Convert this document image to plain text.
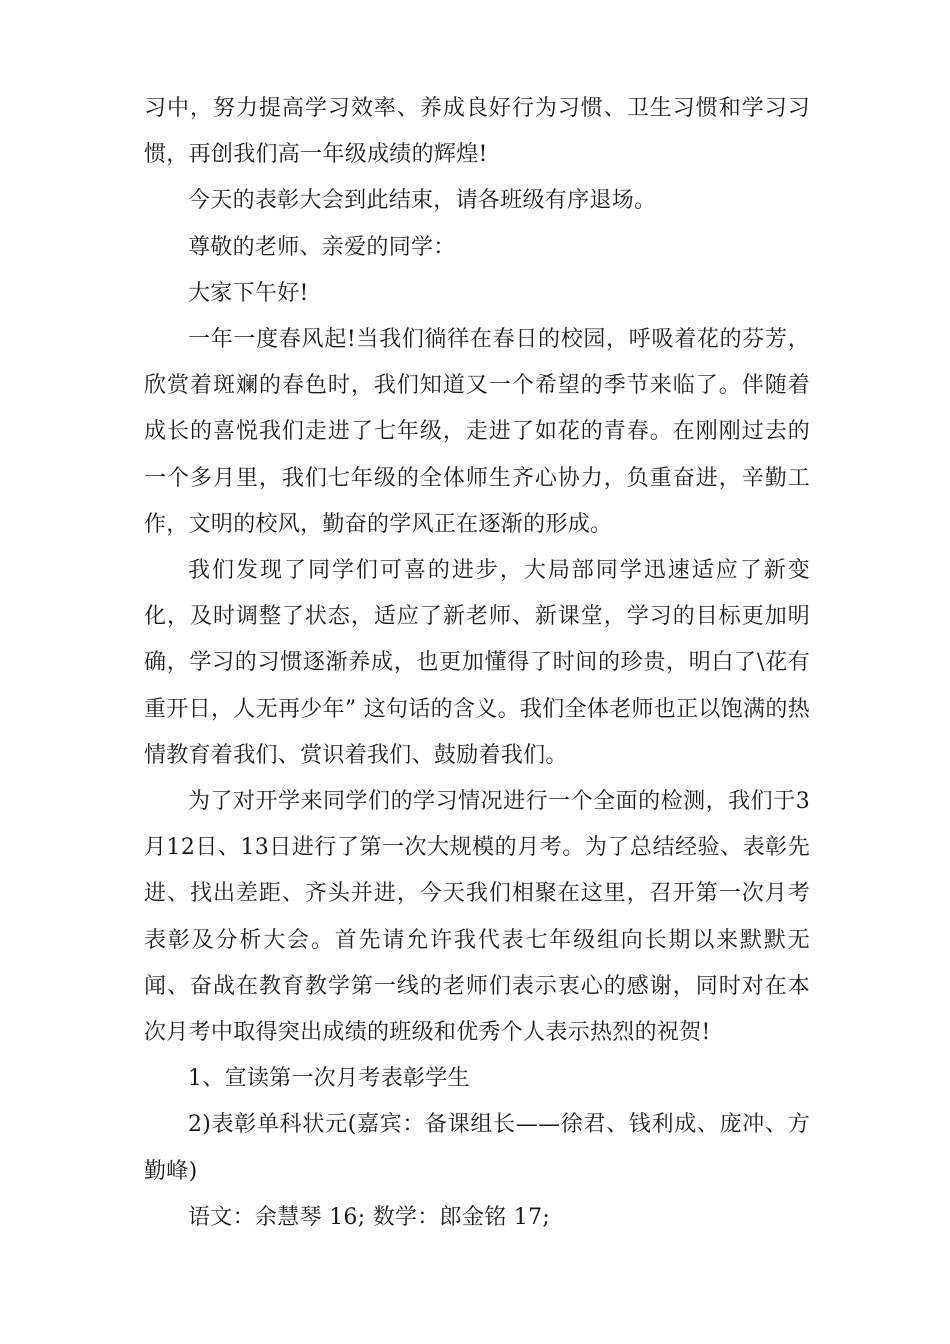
习中，努力提高学习效率、养成良好行为习惯、卫生习惯和学习习惯，再创我们高一年级成绩的辉煌!

今天的表彰大会到此结束，请各班级有序退场。

尊敬的老师、亲爱的同学：

大家下午好!

一年一度春风起!当我们徜徉在春日的校园，呼吸着花的芬芳，欣赏着斑斓的春色时，我们知道又一个希望的季节来临了。伴随着成长的喜悦我们走进了七年级，走进了如花的青春。在刚刚过去的一个多月里，我们七年级的全体师生齐心协力，负重奋进，辛勤工作，文明的校风，勤奋的学风正在逐渐的形成。

我们发现了同学们可喜的进步，大局部同学迅速适应了新变化，及时调整了状态，适应了新老师、新课堂，学习的目标更加明确，学习的习惯逐渐养成，也更加懂得了时间的珍贵，明白了\花有重开日，人无再少年” 这句话的含义。我们全体老师也正以饱满的热情教育着我们、赏识着我们、鼓励着我们。

为了对开学来同学们的学习情况进行一个全面的检测，我们于3月12日、13日进行了第一次大规模的月考。为了总结经验、表彰先进、找出差距、齐头并进，今天我们相聚在这里，召开第一次月考表彰及分析大会。首先请允许我代表七年级组向长期以来默默无闻、奋战在教育教学第一线的老师们表示衷心的感谢，同时对在本次月考中取得突出成绩的班级和优秀个人表示热烈的祝贺!

1、宣读第一次月考表彰学生

2)表彰单科状元(嘉宾：备课组长——徐君、钱利成、庞冲、方勤峰)

语文：余慧琴 16; 数学：郎金铭 17;
